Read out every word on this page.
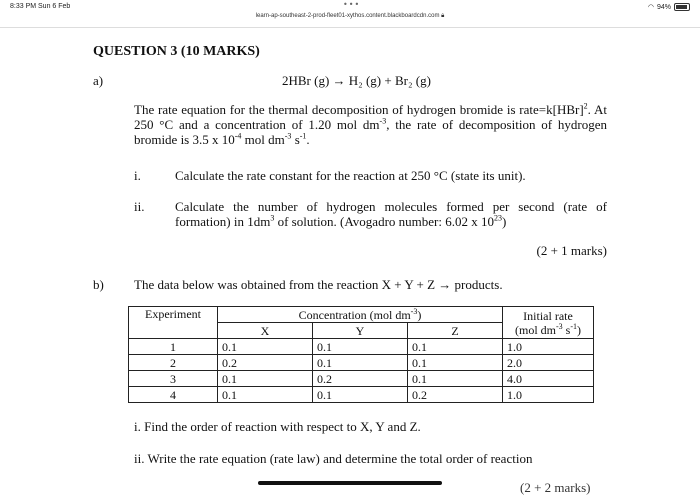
8:33 PM Sun 6 Feb	•••	◠ 94%
learn-ap-southeast-2-prod-fleet01-xythos.content.blackboardcdn.com 🔒︎
QUESTION 3 (10 MARKS)
a)	2HBr (g) → H₂ (g) + Br₂ (g)
The rate equation for the thermal decomposition of hydrogen bromide is rate=k[HBr]$^2$. At 250 °C and a concentration of 1.20 mol $dm^{-3}$, the rate of decomposition of hydrogen bromide is 3.5 x $10^{-4}$ mol $dm^{-3}$ $s^{-1}$.
i.	Calculate the rate constant for the reaction at 250 °C (state its unit).
ii. Calculate the number of hydrogen molecules formed per second (rate of formation) in $1dm^3$ of solution. (Avogadro number: 6.02 x $10^{23}$)
(2 + 1 marks)
b) The data below was obtained from the reaction X + Y + Z → products.
Experiment	Concentration (mol $dm^{-3}$)			Initial rate
(mol $dm^{-3}$ $s^{-1}$)
	X	Y	Z	
1	0.1	0.1	0.1	1.0
2	0.2	0.1	0.1	2.0
3	0.1	0.2	0.1	4.0
4	0.1	0.1	0.2	1.0
i. Find the order of reaction with respect to X, Y and Z.
ii. Write the rate equation (rate law) and determine the total order of reaction
(2 + 2 marks)
